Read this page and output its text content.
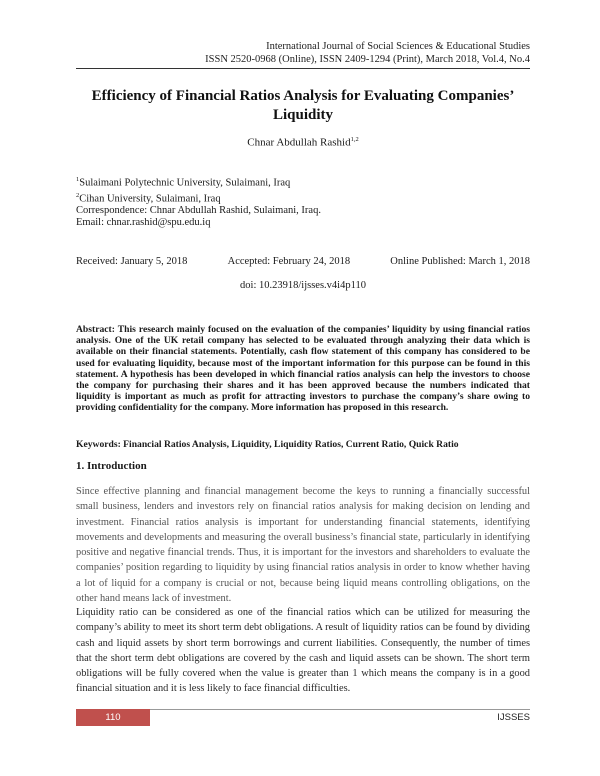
International Journal of Social Sciences & Educational Studies
ISSN 2520-0968 (Online), ISSN 2409-1294 (Print), March 2018, Vol.4, No.4
Efficiency of Financial Ratios Analysis for Evaluating Companies’
Liquidity
Chnar Abdullah Rashid$^{1,2}$
$^1$Sulaimani Polytechnic University, Sulaimani, Iraq
$^2$Cihan University, Sulaimani, Iraq
Correspondence: Chnar Abdullah Rashid, Sulaimani, Iraq.
Email: chnar.rashid@spu.edu.iq
Received: January 5, 2018	Accepted: February 24, 2018	Online Published: March 1, 2018
doi: 10.23918/ijsses.v4i4p110

Abstract: This research mainly focused on the evaluation of the companies’ liquidity by using financial ratios analysis. One of the UK retail company has selected to be evaluated through analyzing their data which is available on their financial statements. Potentially, cash flow statement of this company has considered to be used for evaluating liquidity, because most of the important information for this purpose can be found in this statement. A hypothesis has been developed in which financial ratios analysis can help the investors to choose the company for purchasing their shares and it has been approved because the numbers indicated that liquidity is important as much as profit for attracting investors to purchase the company’s share owing to providing confidentiality for the company. More information has proposed in this research.

Keywords: Financial Ratios Analysis, Liquidity, Liquidity Ratios, Current Ratio, Quick Ratio
1. Introduction

Since effective planning and financial management become the keys to running a financially successful small business, lenders and investors rely on financial ratios analysis for making decision on lending and investment. Financial ratios analysis is important for understanding financial statements, identifying movements and developments and measuring the overall business’s financial state, particularly in identifying positive and negative financial trends. Thus, it is important for the investors and shareholders to evaluate the companies’ position regarding to liquidity by using financial ratios analysis in order to know whether having a lot of liquid for a company is crucial or not, because being liquid means controlling obligations, on the other hand means lack of investment.

Liquidity ratio can be considered as one of the financial ratios which can be utilized for measuring the company’s ability to meet its short term debt obligations. A result of liquidity ratios can be found by dividing cash and liquid assets by short term borrowings and current liabilities. Consequently, the number of times that the short term debt obligations are covered by the cash and liquid assets can be shown. The short term obligations will be fully covered when the value is greater than 1 which means the company is in a good financial situation and it is less likely to face financial difficulties.

110	IJSSES
